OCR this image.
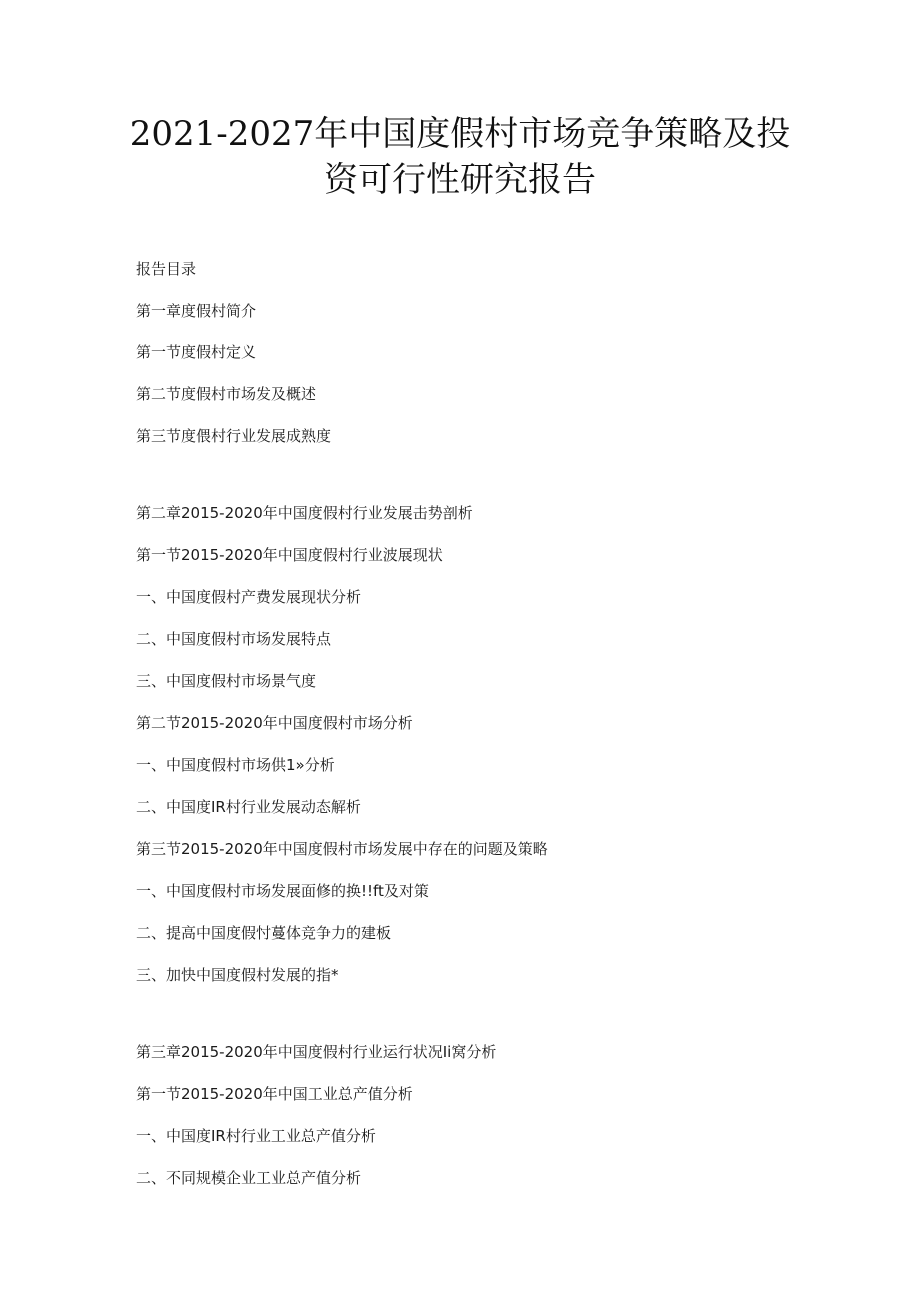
2021-2027年中国度假村市场竞争策略及投
资可行性研究报告
报告目录
第一章度假村简介
第一节度假村定义
第二节度假村市场发及概述
第三节度偎村行业发展成熟度
第二章2015-2020年中国度假村行业发展击势剖析
第一节2015-2020年中国度假村行业波展现状
一、中国度假村产费发展现状分析
二、中国度假村市场发展特点
三、中国度假村市场景气度
第二节2015-2020年中国度假村市场分析
一、中国度假村市场供1»分析
二、中国度IR村行业发展动态解析
第三节2015-2020年中国度假村市场发展中存在的问题及策略
一、中国度假村市场发展面修的换!!ft及对策
二、提高中国度假忖蔓体竞争力的建板
三、加快中国度假村发展的指*
第三章2015-2020年中国度假村行业运行状况Ii窝分析
第一节2015-2020年中国工业总产值分析
一、中国度IR村行业工业总产值分析
二、不同规模企业工业总产值分析
